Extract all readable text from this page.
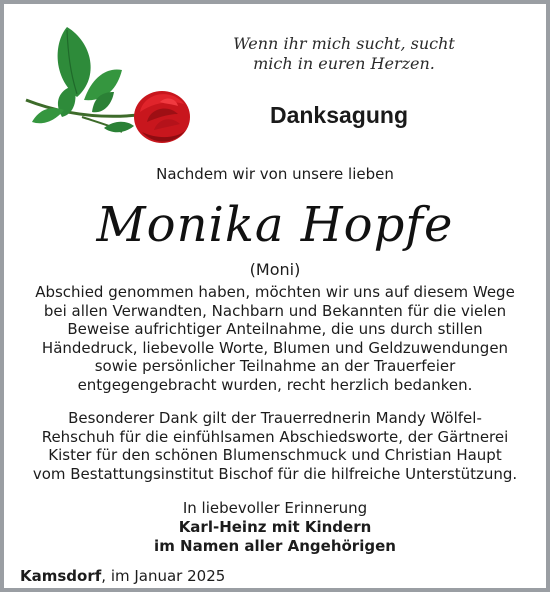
Wenn ihr mich sucht, sucht
mich in euren Herzen.
Danksagung
Nachdem wir von unsere lieben
Monika Hopfe
(Moni)
Abschied genommen haben, möchten wir uns auf diesem Wege
bei allen Verwandten, Nachbarn und Bekannten für die vielen
Beweise aufrichtiger Anteilnahme, die uns durch stillen
Händedruck, liebevolle Worte, Blumen und Geldzuwendungen
sowie persönlicher Teilnahme an der Trauerfeier
entgegengebracht wurden, recht herzlich bedanken.
Besonderer Dank gilt der Trauerrednerin Mandy Wölfel-
Rehschuh für die einfühlsamen Abschiedsworte, der Gärtnerei
Kister für den schönen Blumenschmuck und Christian Haupt
vom Bestattungsinstitut Bischof für die hilfreiche Unterstützung.
In liebevoller Erinnerung
Karl-Heinz mit Kindern
im Namen aller Angehörigen
Kamsdorf, im Januar 2025
